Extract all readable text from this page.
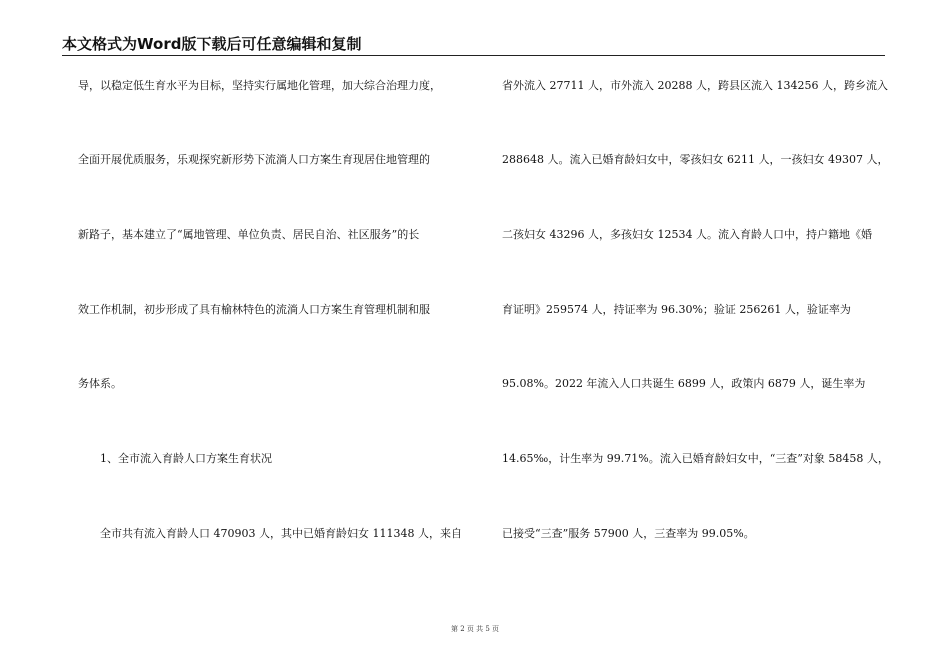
本文格式为Word版下载后可任意编辑和复制
导，以稳定低生育水平为目标，坚持实行属地化管理，加大综合治理力度，
全面开展优质服务，乐观探究新形势下流淌人口方案生育现居住地管理的
新路子，基本建立了“属地管理、单位负责、居民自治、社区服务”的长
效工作机制，初步形成了具有榆林特色的流淌人口方案生育管理机制和服
务体系。
1、全市流入育龄人口方案生育状况
全市共有流入育龄人口 470903 人，其中已婚育龄妇女 111348 人，来自
省外流入 27711 人，市外流入 20288 人，跨县区流入 134256 人，跨乡流入
288648 人。流入已婚育龄妇女中，零孩妇女 6211 人，一孩妇女 49307 人，
二孩妇女 43296 人，多孩妇女 12534 人。流入育龄人口中，持户籍地《婚
育证明》259574 人，持证率为 96.30%；验证 256261 人，验证率为
95.08%。2022 年流入人口共诞生 6899 人，政策内 6879 人，诞生率为
14.65‰，计生率为 99.71%。流入已婚育龄妇女中，“三查”对象 58458 人，
已接受“三查”服务 57900 人，三查率为 99.05%。
第 2 页 共 5 页
